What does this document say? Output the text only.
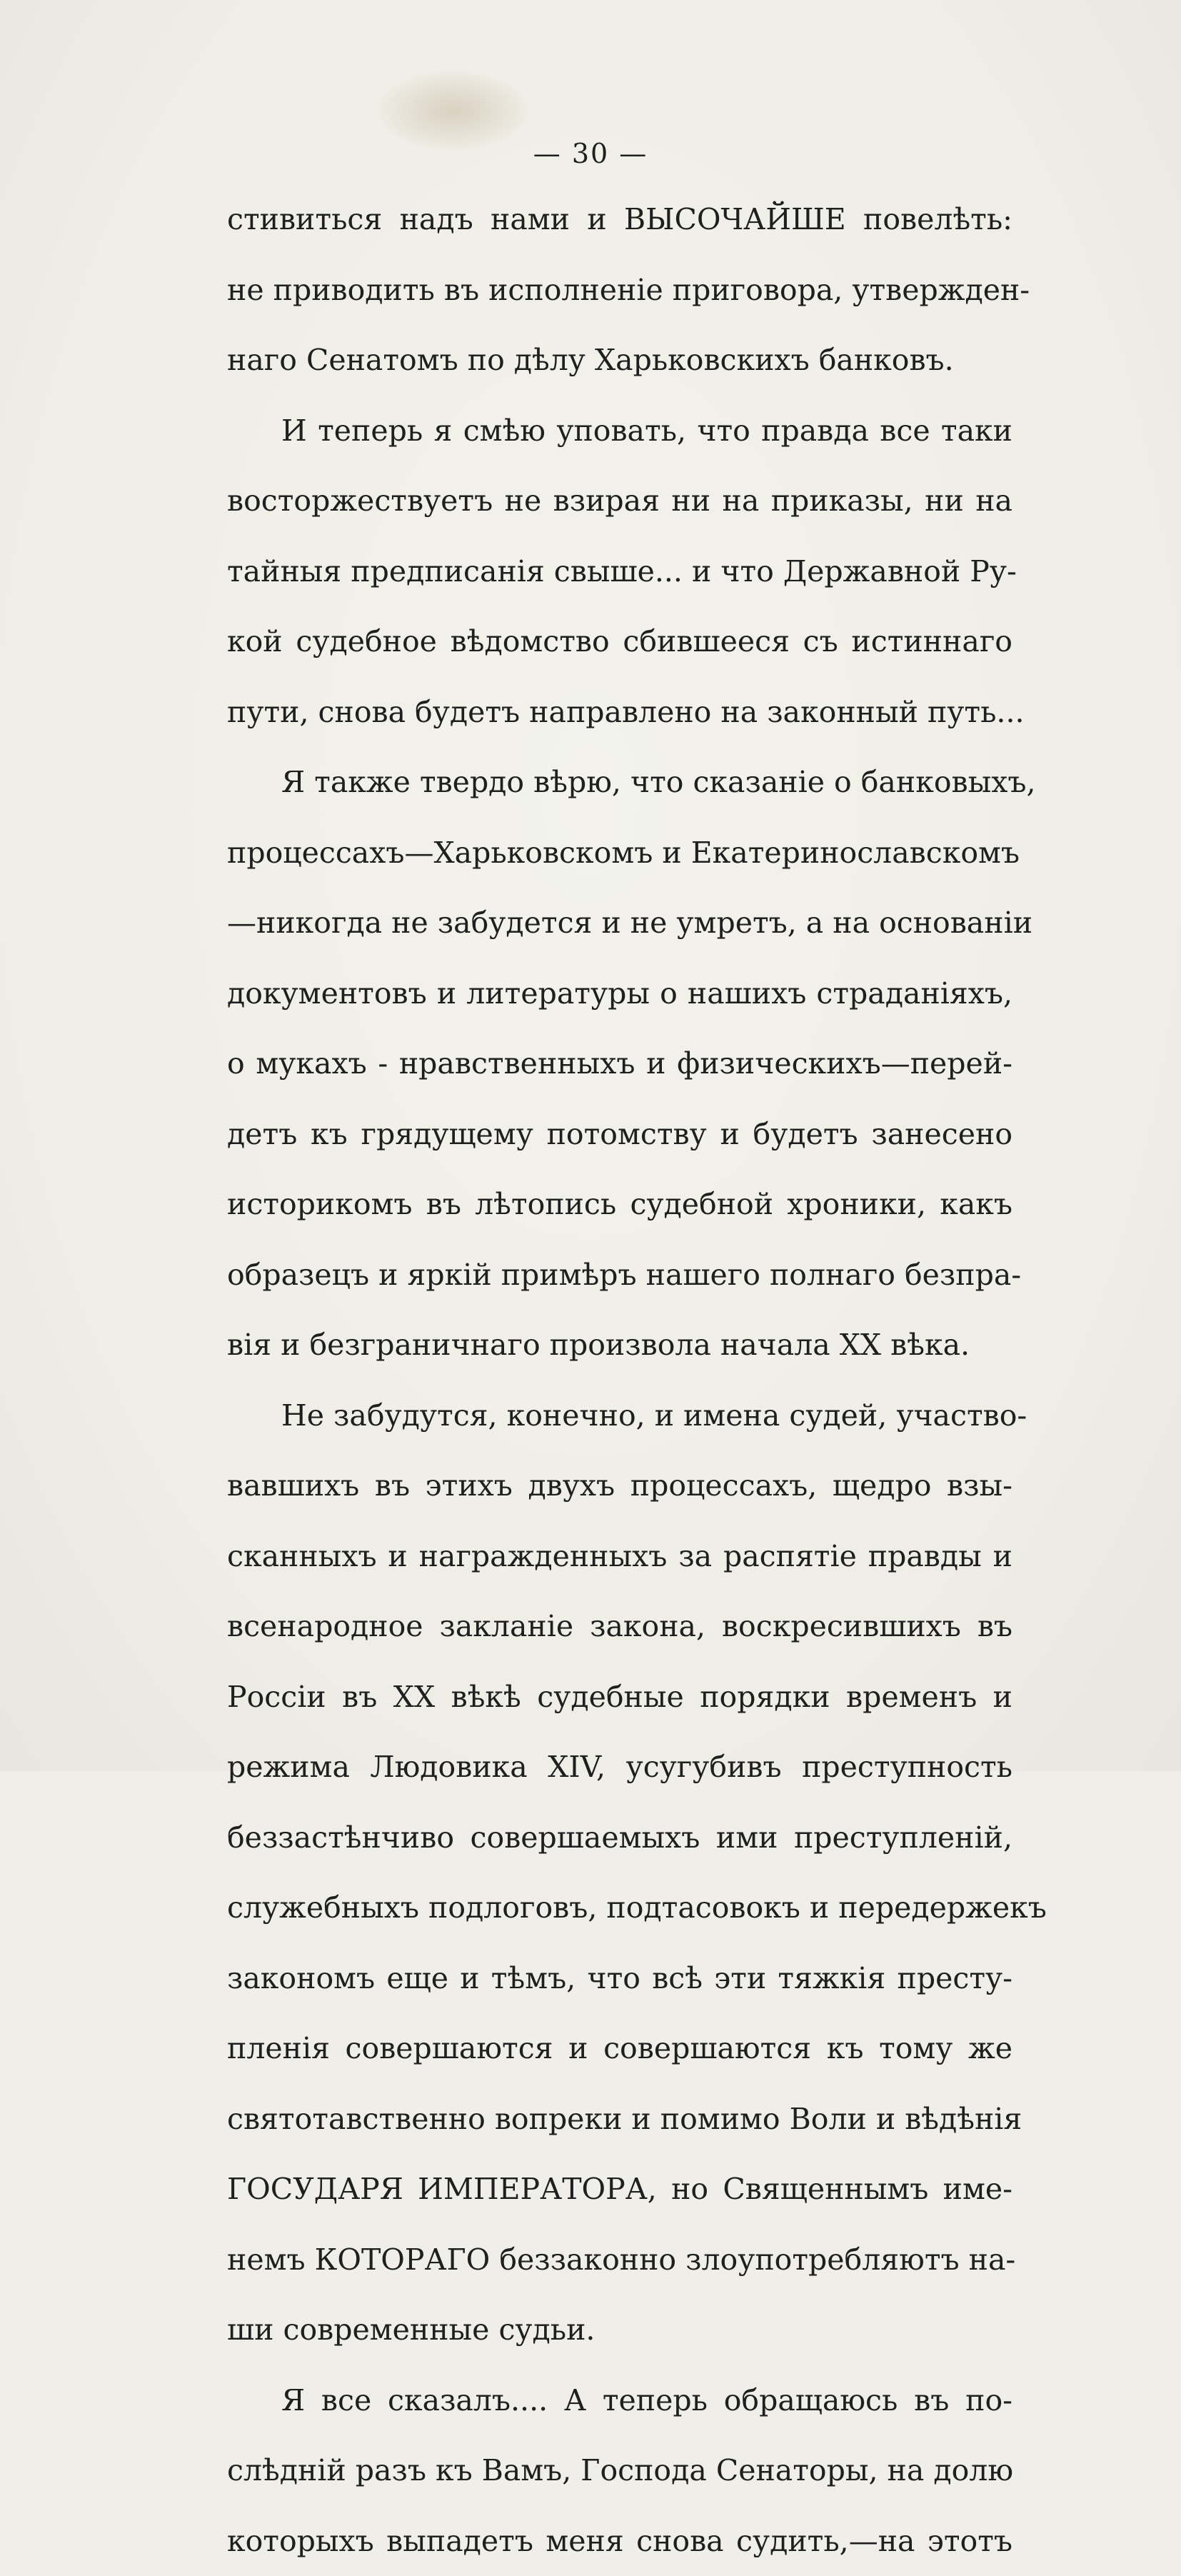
— 30 —
стивиться надъ нами и ВЫСОЧАЙШЕ повелѣть:
не приводить въ исполненіе приговора, утвержден-
наго Сенатомъ по дѣлу Харьковскихъ банковъ.
И теперь я смѣю уповать, что правда все таки
восторжествуетъ не взирая ни на приказы, ни на
тайныя предписанія свыше... и что Державной Ру-
кой судебное вѣдомство сбившееся съ истиннаго
пути, снова будетъ направлено на законный путь...
Я также твердо вѣрю, что сказаніе о банковыхъ,
процессахъ—Харьковскомъ и Екатеринославскомъ
—никогда не забудется и не умретъ, а на основаніи
документовъ и литературы о нашихъ страданіяхъ,
о мукахъ - нравственныхъ и физическихъ—перей-
детъ къ грядущему потомству и будетъ занесено
историкомъ въ лѣтопись судебной хроники, какъ
образецъ и яркій примѣръ нашего полнаго безпра-
вія и безграничнаго произвола начала XX вѣка.
Не забудутся, конечно, и имена судей, участво-
вавшихъ въ этихъ двухъ процессахъ, щедро взы-
сканныхъ и награжденныхъ за распятіе правды и
всенародное закланіе закона, воскресившихъ въ
Россіи въ XX вѣкѣ судебные порядки временъ и
режима Людовика XIV, усугубивъ преступность
беззастѣнчиво совершаемыхъ ими преступленій,
служебныхъ подлоговъ, подтасовокъ и передержекъ
закономъ еще и тѣмъ, что всѣ эти тяжкія престу-
пленія совершаются и совершаются къ тому же
святотавственно вопреки и помимо Воли и вѣдѣнія
ГОСУДАРЯ ИМПЕРАТОРА, но Священнымъ име-
немъ КОТОРАГО беззаконно злоупотребляютъ на-
ши современные судьи.
Я все сказалъ.... А теперь обращаюсь въ по-
слѣдній разъ къ Вамъ, Господа Сенаторы, на долю
которыхъ выпадетъ меня снова судить,—на этотъ
